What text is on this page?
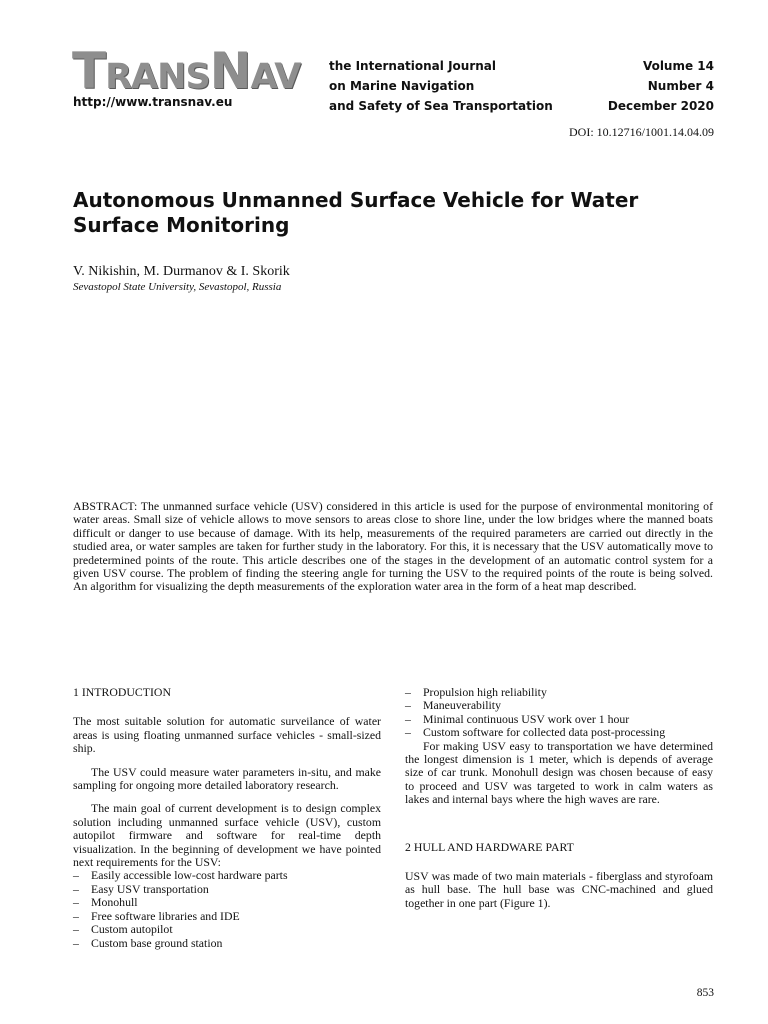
TRANSNAV
http://www.transnav.eu
the International Journal
on Marine Navigation
and Safety of Sea Transportation
Volume 14
Number 4
December 2020
DOI: 10.12716/1001.14.04.09
Autonomous Unmanned Surface Vehicle for Water Surface Monitoring
V. Nikishin, M. Durmanov & I. Skorik
Sevastopol State University, Sevastopol, Russia
ABSTRACT: The unmanned surface vehicle (USV) considered in this article is used for the purpose of environmental monitoring of water areas. Small size of vehicle allows to move sensors to areas close to shore line, under the low bridges where the manned boats difficult or danger to use because of damage. With its help, measurements of the required parameters are carried out directly in the studied area, or water samples are taken for further study in the laboratory. For this, it is necessary that the USV automatically move to predetermined points of the route. This article describes one of the stages in the development of an automatic control system for a given USV course. The problem of finding the steering angle for turning the USV to the required points of the route is being solved. An algorithm for visualizing the depth measurements of the exploration water area in the form of a heat map described.
1 INTRODUCTION

The most suitable solution for automatic surveilance of water areas is using floating unmanned surface vehicles - small-sized ship.

The USV could measure water parameters in-situ, and make sampling for ongoing more detailed laboratory research.

The main goal of current development is to design complex solution including unmanned surface vehicle (USV), custom autopilot firmware and software for real-time depth visualization. In the beginning of development we have pointed next requirements for the USV:

– Easily accessible low-cost hardware parts
– Easy USV transportation
– Monohull
– Free software libraries and IDE
– Custom autopilot
– Custom base ground station
– Propulsion high reliability
– Maneuverability
– Minimal continuous USV work over 1 hour
– Custom software for collected data post-processing

For making USV easy to transportation we have determined the longest dimension is 1 meter, which is depends of average size of car trunk. Monohull design was chosen because of easy to proceed and USV was targeted to work in calm waters as lakes and internal bays where the high waves are rare.

2 HULL AND HARDWARE PART

USV was made of two main materials - fiberglass and styrofoam as hull base. The hull base was CNC-machined and glued together in one part (Figure 1).

853
